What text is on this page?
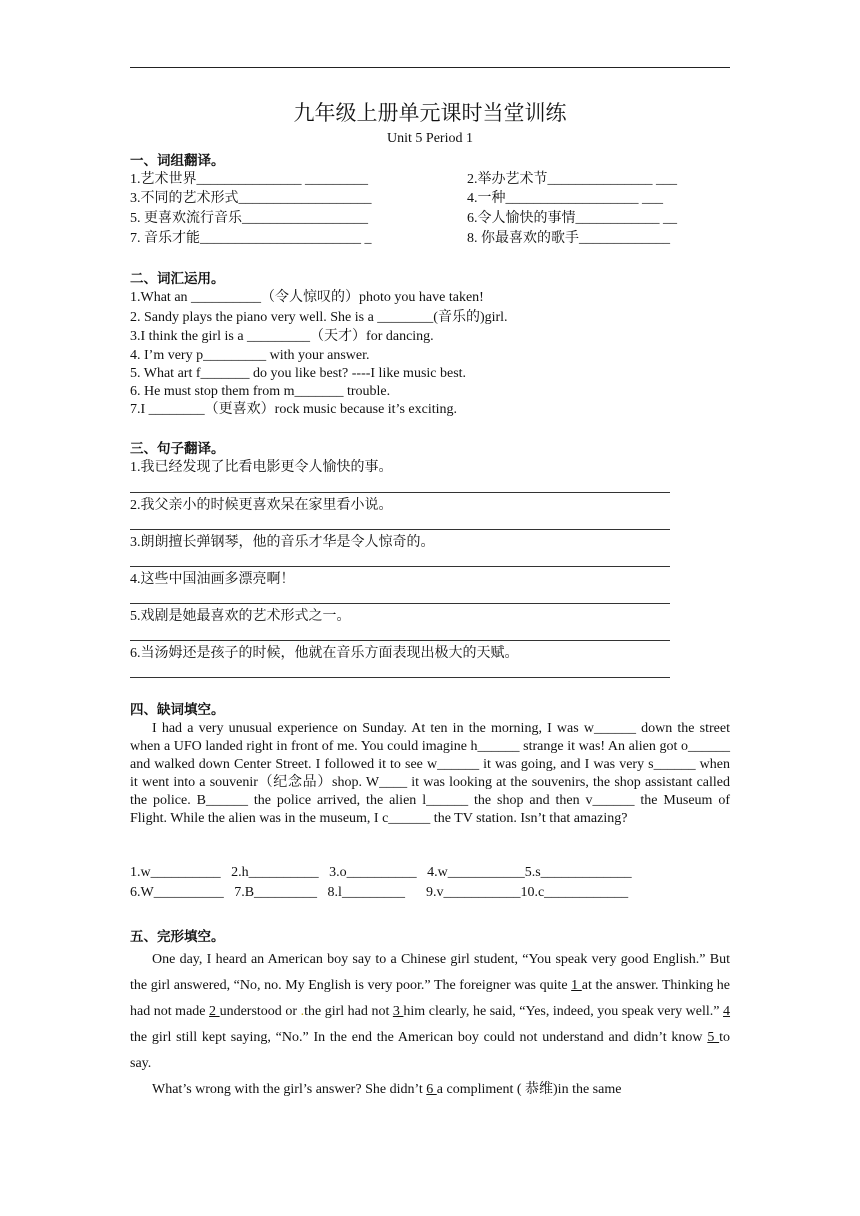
九年级上册单元课时当堂训练
Unit 5 Period 1
一、词组翻译。
1.艺术世界_______________ _________	2.举办艺术节_______________ ___
3.不同的艺术形式___________________	4.一种___________________ ___
5. 更喜欢流行音乐__________________	6.令人愉快的事情____________ __
7. 音乐才能_______________________ _	8. 你最喜欢的歌手_____________
二、词汇运用。
1.What an __________（令人惊叹的）photo you have taken!
2. Sandy plays the piano very well. She is a ________(音乐的)girl.
3.I think the girl is a _________（天才）for dancing.
4. I’m very p_________ with your answer.
5. What art f_______ do you like best? ----I like music best.
6. He must stop them from m_______ trouble.
7.I ________（更喜欢）rock music because it’s exciting.
三、句子翻译。
1.我已经发现了比看电影更令人愉快的事。
2.我父亲小的时候更喜欢呆在家里看小说。
3.朗朗擅长弹钢琴，他的音乐才华是令人惊奇的。
4.这些中国油画多漂亮啊！
5.戏剧是她最喜欢的艺术形式之一。
6.当汤姆还是孩子的时候，他就在音乐方面表现出极大的天赋。
四、缺词填空。
I had a very unusual experience on Sunday. At ten in the morning, I was w______ down the street when a UFO landed right in front of me. You could imagine h______ strange it was! An alien got o______ and walked down Center Street. I followed it to see w______ it was going, and I was very s______ when it went into a souvenir（纪念品）shop. W____ it was looking at the souvenirs, the shop assistant called the police. B______ the police arrived, the alien l______ the shop and then v______ the Museum of Flight. While the alien was in the museum, I c______ the TV station. Isn’t that amazing?
1.w__________   2.h__________   3.o__________   4.w___________5.s_____________
6.W__________   7.B_________   8.l_________      9.v___________10.c____________
五、完形填空。
One day, I heard an American boy say to a Chinese girl student, “You speak very good English.” But the girl answered, “No, no. My English is very poor.” The foreigner was quite 1 at the answer. Thinking he had not made 2 understood or .the girl had not 3 him clearly, he said, “Yes, indeed, you speak very well.” 4 the girl still kept saying, “No.” In the end the American boy could not understand and didn’t know 5 to say.
What’s wrong with the girl’s answer? She didn’t 6 a compliment ( 恭维)in the same
